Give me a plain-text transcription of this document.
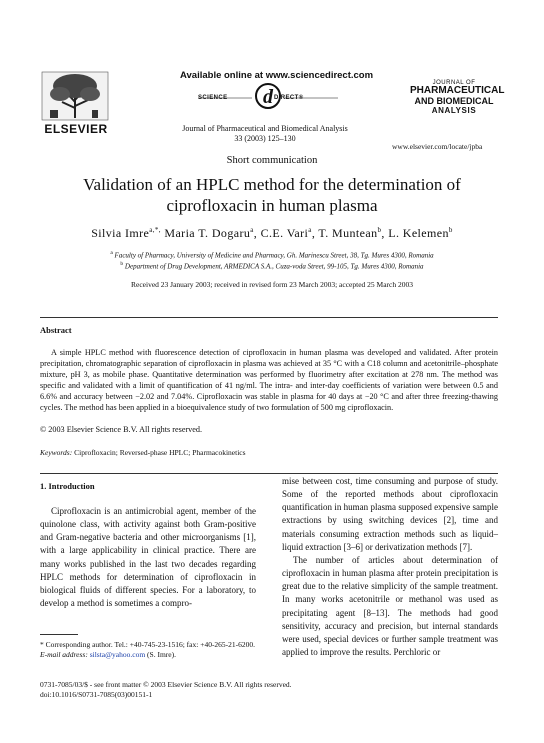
ELSEVIER
Available online at www.sciencedirect.com
d
SCIENCE	DIRECT®
Journal of Pharmaceutical and Biomedical Analysis
33 (2003) 125–130
JOURNAL OF
PHARMACEUTICAL
AND BIOMEDICAL
ANALYSIS
www.elsevier.com/locate/jpba
Short communication
Validation of an HPLC method for the determination of
ciprofloxacin in human plasma
Silvia Imre$^{a,*,}$ Maria T. Dogaru$^a$, C.E. Vari$^a$, T. Muntean$^b$, L. Kelemen$^b$
$^a$ Faculty of Pharmacy, University of Medicine and Pharmacy, Gh. Marinescu Street, 38, Tg. Mures 4300, Romania
$^b$ Department of Drug Development, ARMEDICA S.A., Cuza-voda Street, 99-105, Tg. Mures 4300, Romania
Received 23 January 2003; received in revised form 23 March 2003; accepted 25 March 2003
Abstract

A simple HPLC method with fluorescence detection of ciprofloxacin in human plasma was developed and validated. After protein precipitation, chromatographic separation of ciprofloxacin in plasma was achieved at 35 °C with a C18 column and acetonitrile–phosphate mixture, pH 3, as mobile phase. Quantitative determination was performed by fluorimetry after excitation at 278 nm. The method was specific and validated with a limit of quantification of 41 ng/ml. The intra- and inter-day coefficients of variation were between 0.5 and 6.6% and accuracy between −2.02 and 7.04%. Ciprofloxacin was stable in plasma for 40 days at −20 °C and after three freezing-thawing cycles. The method has been applied in a bioequivalence study of two formulation of 500 mg ciprofloxacin.

© 2003 Elsevier Science B.V. All rights reserved.
Keywords: Ciprofloxacin; Reversed-phase HPLC; Pharmacokinetics
1. Introduction

Ciprofloxacin is an antimicrobial agent, member of the quinolone class, with activity against both Gram-positive and Gram-negative bacteria and other microorganisms [1], with a large applicability in clinical practice. There are many works published in the last two decades regarding HPLC methods for determination of ciprofloxacin in biological fluids of different species. For a laboratory, to develop a method is sometimes a compro-

mise between cost, time consuming and purpose of study. Some of the reported methods about ciprofloxacin quantification in human plasma supposed expensive sample extractions by using switching devices [2], time and materials consuming extraction methods such as liquid–liquid extraction [3–6] or derivatization methods [7].

The number of articles about determination of ciprofloxacin in human plasma after protein precipitation is great due to the relative simplicity of the sample treatment. In many works acetonitrile or methanol was used as precipitating agent [8–13]. The methods had good sensitivity, accuracy and precision, but internal standards were used, special devices or further sample treatment was applied to improve the results. Perchloric or

* Corresponding author. Tel.: +40-745-23-1516; fax: +40-265-21-6200.
E-mail address: silsta@yahoo.com (S. Imre).
0731-7085/03/$ - see front matter © 2003 Elsevier Science B.V. All rights reserved.
doi:10.1016/S0731-7085(03)00151-1
